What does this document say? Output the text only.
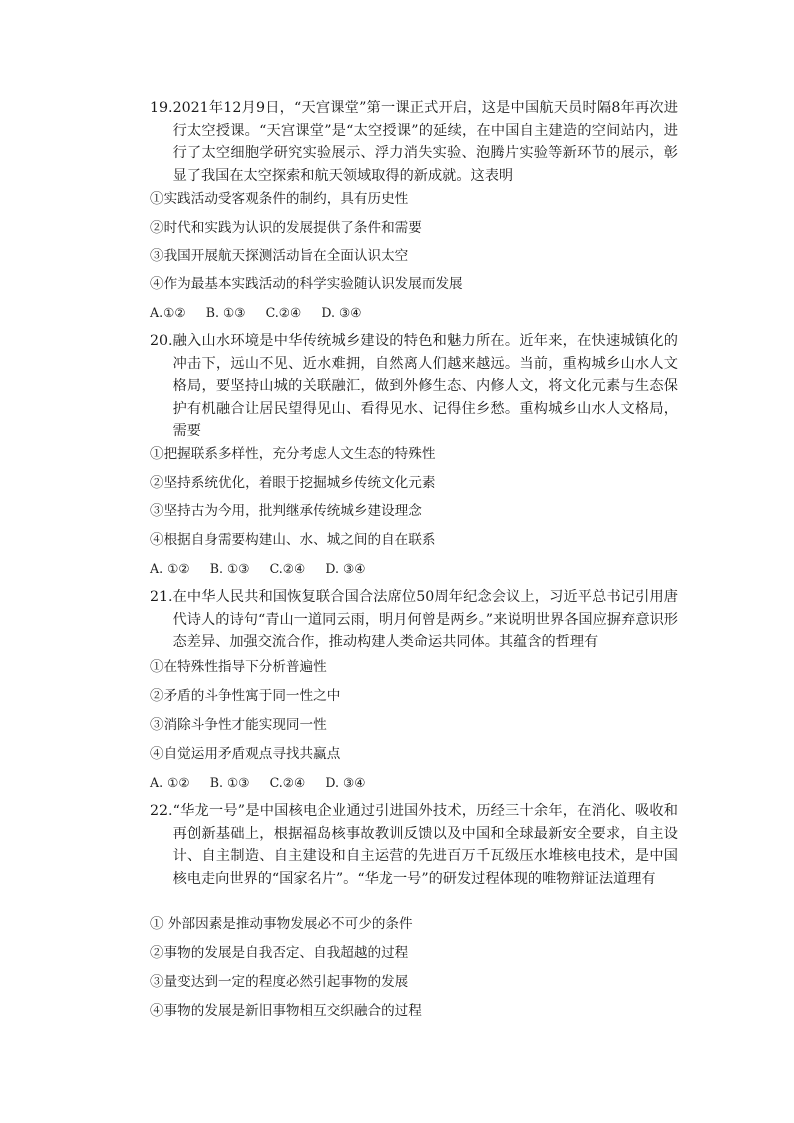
19. 2021年12月9日，“天宫课堂”第一课正式开启，这是中国航天员时隔8年再次进行太空授课。“天宫课堂”是“太空授课”的延续，在中国自主建造的空间站内，进行了太空细胞学研究实验展示、浮力消失实验、泡腾片实验等新环节的展示，彰显了我国在太空探索和航天领域取得的新成就。这表明
①实践活动受客观条件的制约，具有历史性
②时代和实践为认识的发展提供了条件和需要
③我国开展航天探测活动旨在全面认识太空
④作为最基本实践活动的科学实验随认识发展而发展
A.①② B. ①③ C.②④ D. ③④
20. 融入山水环境是中华传统城乡建设的特色和魅力所在。近年来，在快速城镇化的冲击下，远山不见、近水难拥，自然离人们越来越远。当前，重构城乡山水人文格局，要坚持山城的关联融汇，做到外修生态、内修人文，将文化元素与生态保护有机融合让居民望得见山、看得见水、记得住乡愁。重构城乡山水人文格局，需要
①把握联系多样性，充分考虑人文生态的特殊性
②坚持系统优化，着眼于挖掘城乡传统文化元素
③坚持古为今用，批判继承传统城乡建设理念
④根据自身需要构建山、水、城之间的自在联系
A. ①② B. ①③ C.②④ D. ③④
21. 在中华人民共和国恢复联合国合法席位50周年纪念会议上，习近平总书记引用唐代诗人的诗句“青山一道同云雨，明月何曾是两乡。”来说明世界各国应摒弃意识形态差异、加强交流合作，推动构建人类命运共同体。其蕴含的哲理有
①在特殊性指导下分析普遍性
②矛盾的斗争性寓于同一性之中
③消除斗争性才能实现同一性
④自觉运用矛盾观点寻找共赢点
A. ①② B. ①③ C.②④ D. ③④
22. “华龙一号”是中国核电企业通过引进国外技术，历经三十余年，在消化、吸收和再创新基础上，根据福岛核事故教训反馈以及中国和全球最新安全要求，自主设计、自主制造、自主建设和自主运营的先进百万千瓦级压水堆核电技术，是中国核电走向世界的“国家名片”。“华龙一号”的研发过程体现的唯物辩证法道理有
① 外部因素是推动事物发展必不可少的条件
②事物的发展是自我否定、自我超越的过程
③量变达到一定的程度必然引起事物的发展
④事物的发展是新旧事物相互交织融合的过程
